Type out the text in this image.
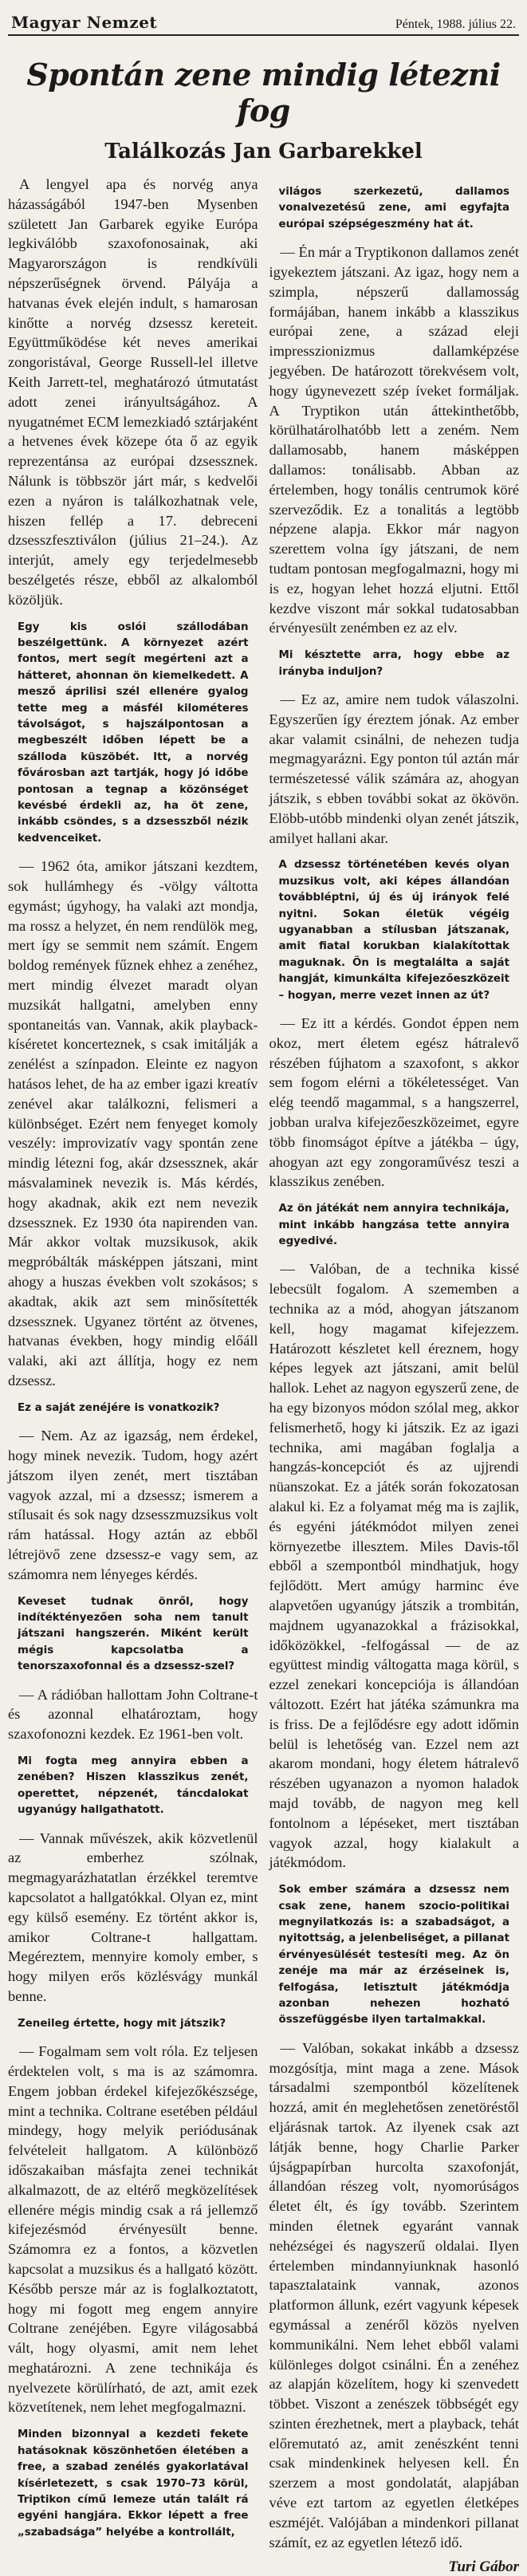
Magyar Nemzet	Péntek, 1988. július 22.
Spontán zene mindig létezni fog
Találkozás Jan Garbarekkel

A lengyel apa és norvég anya házasságából 1947-ben Mysenben született Jan Garbarek egyike Európa legkiválóbb szaxofonosainak, aki Magyarországon is rendkívüli népszerűségnek örvend. Pályája a hatvanas évek elején indult, s hamarosan kinőtte a norvég dzsessz kereteit. Együttműködése két neves amerikai zongoristával, George Russell-lel illetve Keith Jarrett-tel, meghatározó útmutatást adott zenei irányultságához. A nyugatnémet ECM lemezkiadó sztárjaként a hetvenes évek közepe óta ő az egyik reprezentánsa az európai dzsessznek. Nálunk is többször járt már, s kedvelői ezen a nyáron is találkozhatnak vele, hiszen fellép a 17. debreceni dzsesszfesztiválon (július 21–24.). Az interjút, amely egy terjedelmesebb beszélgetés része, ebből az alkalomból közöljük.

Egy kis oslói szállodában beszélgettünk. A környezet azért fontos, mert segít megérteni azt a hátteret, ahonnan ön kiemelkedett. A mesző áprilisi szél ellenére gyalog tette meg a másfél kilométeres távolságot, s hajszálpontosan a megbeszélt időben lépett be a szálloda küszöbét. Itt, a norvég fővárosban azt tartják, hogy jó időbe pontosan a tegnap a közönséget kevésbé érdekli az, ha öt zene, inkább csöndes, s a dzsesszből nézik kedvenceiket.

— 1962 óta, amikor játszani kezdtem, sok hullámhegy és -völgy váltotta egymást; úgyhogy, ha valaki azt mondja, ma rossz a helyzet, én nem rendülök meg, mert így se semmit nem számít. Engem boldog remények fűznek ehhez a zenéhez, mert mindig élvezet maradt olyan muzsikát hallgatni, amelyben enny spontaneitás van. Vannak, akik playback-kíséretet koncerteznek, s csak imitálják a zenélést a színpadon. Eleinte ez nagyon hatásos lehet, de ha az ember igazi kreatív zenével akar találkozni, felismeri a különbséget. Ezért nem fenyeget komoly veszély: improvizatív vagy spontán zene mindig létezni fog, akár dzsessznek, akár másvalaminek nevezik is. Más kérdés, hogy akadnak, akik ezt nem nevezik dzsessznek. Ez 1930 óta napirenden van. Már akkor voltak muzsikusok, akik megpróbálták másképpen játszani, mint ahogy a huszas években volt szokásos; s akadtak, akik azt sem minősítették dzsessznek. Ugyanez történt az ötvenes, hatvanas években, hogy mindig előáll valaki, aki azt állítja, hogy ez nem dzsessz.

Ez a saját zenéjére is vonatkozik?

— Nem. Az az igazság, nem érdekel, hogy minek nevezik. Tudom, hogy azért játszom ilyen zenét, mert tisztában vagyok azzal, mi a dzsessz; ismerem a stílusait és sok nagy dzsesszmuzsikus volt rám hatással. Hogy aztán az ebből létrejövő zene dzsessz-e vagy sem, az számomra nem lényeges kérdés.

Keveset tudnak önről, hogy indítéktényezően soha nem tanult játszani hangszerén. Miként került mégis kapcsolatba a tenorszaxofonnal és a dzsessz-szel?

— A rádióban hallottam John Coltrane-t és azonnal elhatároztam, hogy szaxofonozni kezdek. Ez 1961-ben volt.

Mi fogta meg annyira ebben a zenében? Hiszen klasszikus zenét, operettet, népzenét, táncdalokat ugyanúgy hallgathatott.

— Vannak művészek, akik közvetlenül az emberhez szólnak, megmagyarázhatatlan érzékkel teremtve kapcsolatot a hallgatókkal. Olyan ez, mint egy külső esemény. Ez történt akkor is, amikor Coltrane-t hallgattam. Megéreztem, mennyire komoly ember, s hogy milyen erős közlésvágy munkál benne.

Zeneileg értette, hogy mit játszik?

— Fogalmam sem volt róla. Ez teljesen érdektelen volt, s ma is az számomra. Engem jobban érdekel kifejezőkészsége, mint a technika. Coltrane esetében például mindegy, hogy melyik periódusának felvételeit hallgatom. A különböző időszakaiban másfajta zenei technikát alkalmazott, de az eltérő megközelítések ellenére mégis mindig csak a rá jellemző kifejezésmód érvényesült benne. Számomra ez a fontos, a közvetlen kapcsolat a muzsikus és a hallgató között. Később persze már az is foglalkoztatott, hogy mi fogott meg engem annyire Coltrane zenéjében. Egyre világosabbá vált, hogy olyasmi, amit nem lehet meghatározni. A zene technikája és nyelvezete körülírható, de azt, amit ezek közvetítenek, nem lehet megfogalmazni.

Minden bizonnyal a kezdeti fekete hatásoknak köszönhetően életében a free, a szabad zenélés gyakorlatával kísérletezett, s csak 1970–73 körül, Triptikon című lemeze után talált rá egyéni hangjára. Ekkor lépett a free „szabadsága” helyébe a kontrollált,

világos szerkezetű, dallamos vonalvezetésű zene, ami egyfajta európai szépségeszmény hat át.

— Én már a Tryptikonon dallamos zenét igyekeztem játszani. Az igaz, hogy nem a szimpla, népszerű dallamosság formájában, hanem inkább a klasszikus európai zene, a század eleji impresszionizmus dallamképzése jegyében. De határozott törekvésem volt, hogy úgynevezett szép íveket formáljak. A Tryptikon után áttekinthetőbb, körülhatárolhatóbb lett a zeném. Nem dallamosabb, hanem másképpen dallamos: tonálisabb. Abban az értelemben, hogy tonális centrumok köré szerveződik. Ez a tonalitás a legtöbb népzene alapja. Ekkor már nagyon szerettem volna így játszani, de nem tudtam pontosan megfogalmazni, hogy mi is ez, hogyan lehet hozzá eljutni. Ettől kezdve viszont már sokkal tudatosabban érvényesült zenémben ez az elv.

Mi késztette arra, hogy ebbe az irányba induljon?

— Ez az, amire nem tudok válaszolni. Egyszerűen így éreztem jónak. Az ember akar valamit csinálni, de nehezen tudja megmagyarázni. Egy ponton túl aztán már természetessé válik számára az, ahogyan játszik, s ebben további sokat az ökövön. Elöbb-utóbb mindenki olyan zenét játszik, amilyet hallani akar.

A dzsessz történetében kevés olyan muzsikus volt, aki képes állandóan továbbléptni, új és új irányok felé nyitni. Sokan életük végéig ugyanabban a stílusban játszanak, amit fiatal korukban kialakítottak maguknak. Ön is megtalálta a saját hangját, kimunkálta kifejezőeszközeit – hogyan, merre vezet innen az út?

— Ez itt a kérdés. Gondot éppen nem okoz, mert életem egész hátralevő részében fújhatom a szaxofont, s akkor sem fogom elérni a tökéletességet. Van elég teendő magammal, s a hangszerrel, jobban uralva kifejezőeszközeimet, egyre több finomságot építve a játékba – úgy, ahogyan azt egy zongoraművész teszi a klasszikus zenében.

Az ön játékát nem annyira technikája, mint inkább hangzása tette annyira egyedivé.

— Valóban, de a technika kissé lebecsült fogalom. A szememben a technika az a mód, ahogyan játszanom kell, hogy magamat kifejezzem. Határozott készletet kell éreznem, hogy képes legyek azt játszani, amit belül hallok. Lehet az nagyon egyszerű zene, de ha egy bizonyos módon szólal meg, akkor felismerhető, hogy ki játszik. Ez az igazi technika, ami magában foglalja a hangzás-koncepciót és az ujjrendi nüanszokat. Ez a játék során fokozatosan alakul ki. Ez a folyamat még ma is zajlik, és egyéni játékmódot milyen zenei környezetbe illesztem. Miles Davis-től ebből a szempontból mindhatjuk, hogy fejlődött. Mert amúgy harminc éve alapvetően ugyanúgy játszik a trombitán, majdnem ugyanazokkal a frázisokkal, időközökkel, -felfogással — de az együttest mindig váltogatta maga körül, s ezzel zenekari koncepciója is állandóan változott. Ezért hat játéka számunkra ma is friss. De a fejlődésre egy adott időmin belül is lehetőség van. Ezzel nem azt akarom mondani, hogy életem hátralevő részében ugyanazon a nyomon haladok majd tovább, de nagyon meg kell fontolnom a lépéseket, mert tisztában vagyok azzal, hogy kialakult a játékmódom.

Sok ember számára a dzsessz nem csak zene, hanem szocio-politikai megnyilatkozás is: a szabadságot, a nyitottság, a jelenbeliséget, a pillanat érvényesülését testesíti meg. Az ön zenéje ma már az érzéseinek is, felfogása, letisztult játékmódja azonban nehezen hozható összefüggésbe ilyen tartalmakkal.

— Valóban, sokakat inkább a dzsessz mozgósítja, mint maga a zene. Mások társadalmi szempontból közelítenek hozzá, amit én meglehetősen zenetöréstől eljárásnak tartok. Az ilyenek csak azt látják benne, hogy Charlie Parker újságpapírban hurcolta szaxofonját, állandóan részeg volt, nyomorúságos életet élt, és így tovább. Szerintem minden életnek egyaránt vannak nehézségei és nagyszerű oldalai. Ilyen értelemben mindannyiunknak hasonló tapasztalataink vannak, azonos platformon állunk, ezért vagyunk képesek egymással a zenéről közös nyelven kommunikálni. Nem lehet ebből valami különleges dolgot csinálni. Én a zenéhez az alapján közelítem, hogy ki szenvedett többet. Viszont a zenészek többségét egy szinten érezhetnek, mert a playback, tehát előremutató az, amit zenészként tenni csak mindenkinek helyesen kell. Én szerzem a most gondolatát, alapjában véve ezt tartom az egyetlen életképes eszméjét. Valójában a mindenkori pillanat számít, ez az egyetlen létező idő.

Turi Gábor
